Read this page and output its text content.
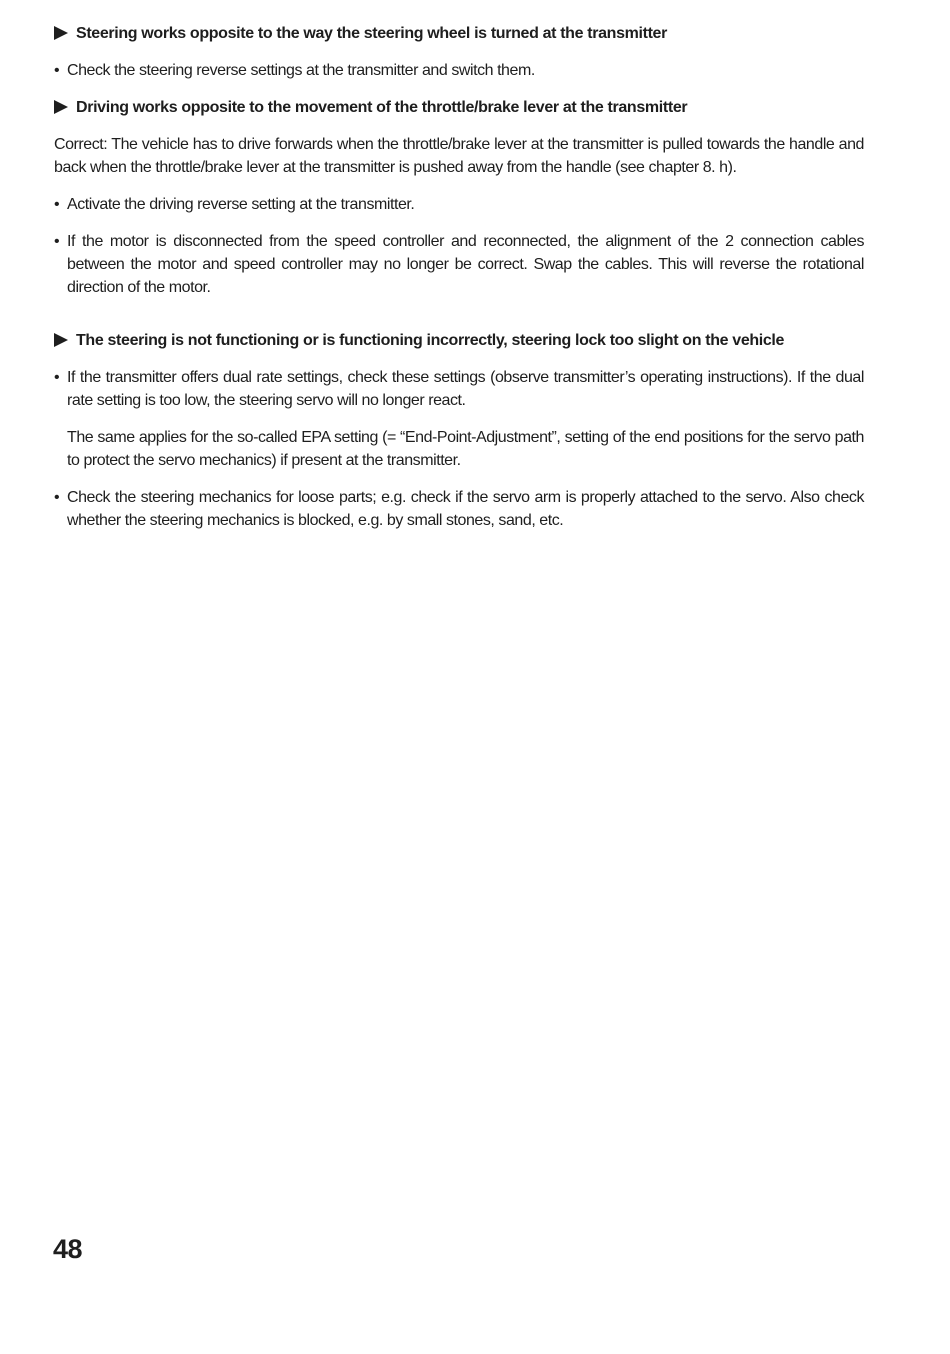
Steering works opposite to the way the steering wheel is turned at the transmitter
•
Check the steering reverse settings at the transmitter and switch them.
Driving works opposite to the movement of the throttle/brake lever at the transmitter

Correct: The vehicle has to drive forwards when the throttle/brake lever at the transmitter is pulled towards the handle and back when the throttle/brake lever at the transmitter is pushed away from the handle (see chapter 8. h).

•
Activate the driving reverse setting at the transmitter.
•
If the motor is disconnected from the speed controller and reconnected, the alignment of the 2 connection cables between the motor and speed controller may no longer be correct. Swap the cables. This will reverse the rotational direction of the motor.
The steering is not functioning or is functioning incorrectly, steering lock too slight on the vehicle
•
If the transmitter offers dual rate settings, check these settings (observe transmitter’s operating instructions). If the dual rate setting is too low, the steering servo will no longer react.

The same applies for the so-called EPA setting (= “End-Point-Adjustment”, setting of the end positions for the servo path to protect the servo mechanics) if present at the transmitter.

•
Check the steering mechanics for loose parts; e.g. check if the servo arm is properly attached to the servo. Also check whether the steering mechanics is blocked, e.g. by small stones, sand, etc.
48
